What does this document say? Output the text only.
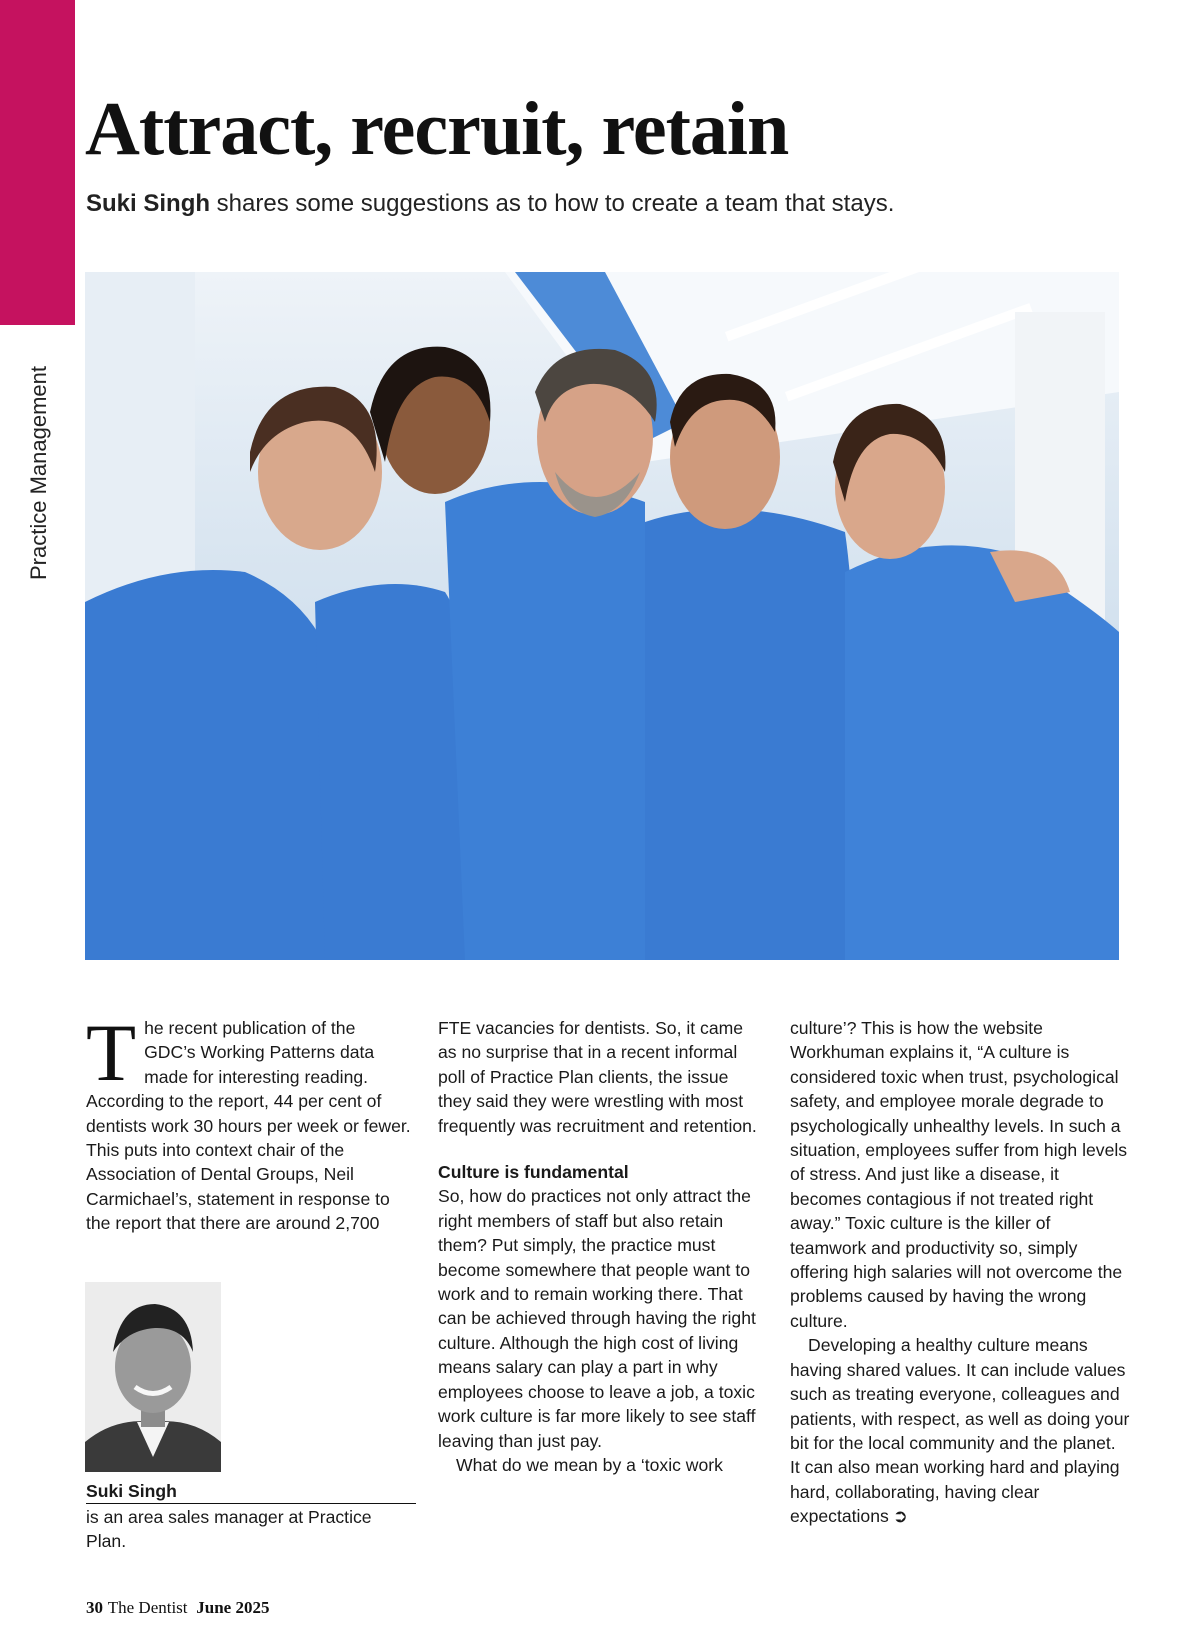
Practice Management
Attract, recruit, retain

Suki Singh shares some suggestions as to how to create a team that stays.

The recent publication of the GDC’s Working Patterns data made for interesting reading. According to the report, 44 per cent of dentists work 30 hours per week or fewer. This puts into context chair of the Association of Dental Groups, Neil Carmichael’s, statement in response to the report that there are around 2,700

FTE vacancies for dentists. So, it came as no surprise that in a recent informal poll of Practice Plan clients, the issue they said they were wrestling with most frequently was recruitment and retention.

Culture is fundamental

So, how do practices not only attract the right members of staff but also retain them? Put simply, the practice must become somewhere that people want to work and to remain working there. That can be achieved through having the right culture. Although the high cost of living means salary can play a part in why employees choose to leave a job, a toxic work culture is far more likely to see staff leaving than just pay.

What do we mean by a ‘toxic work

culture’? This is how the website Workhuman explains it, “A culture is considered toxic when trust, psychological safety, and employee morale degrade to psychologically unhealthy levels. In such a situation, employees suffer from high levels of stress. And just like a disease, it becomes contagious if not treated right away.” Toxic culture is the killer of teamwork and productivity so, simply offering high salaries will not overcome the problems caused by having the wrong culture.

Developing a healthy culture means having shared values. It can include values such as treating everyone, colleagues and patients, with respect, as well as doing your bit for the local community and the planet. It can also mean working hard and playing hard, collaborating, having clear expectations ➲

Suki Singh
is an area sales manager at Practice Plan.
30 The Dentist June 2025
